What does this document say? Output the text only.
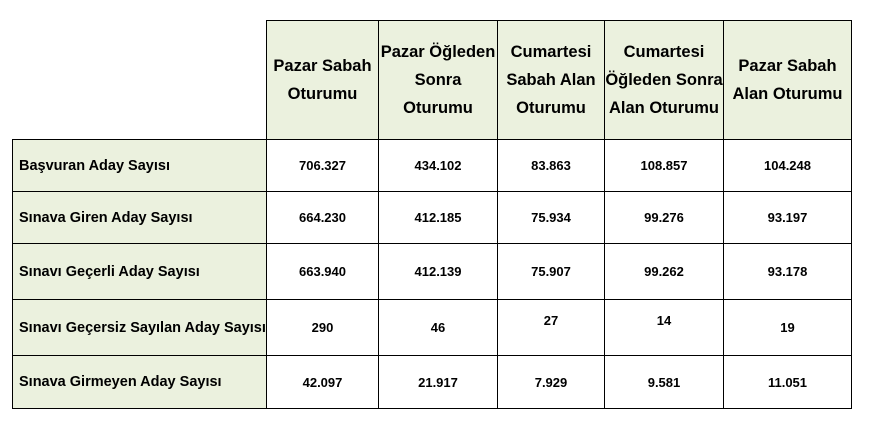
	Pazar Sabah Oturumu	Pazar Öğleden Sonra Oturumu	Cumartesi Sabah Alan Oturumu	Cumartesi Öğleden Sonra Alan Oturumu	Pazar Sabah Alan Oturumu
Başvuran Aday Sayısı	706.327	434.102	83.863	108.857	104.248
Sınava Giren Aday Sayısı	664.230	412.185	75.934	99.276	93.197
Sınavı Geçerli Aday Sayısı	663.940	412.139	75.907	99.262	93.178
Sınavı Geçersiz Sayılan Aday Sayısı	290	46	27	14	19
Sınava Girmeyen Aday Sayısı	42.097	21.917	7.929	9.581	11.051
